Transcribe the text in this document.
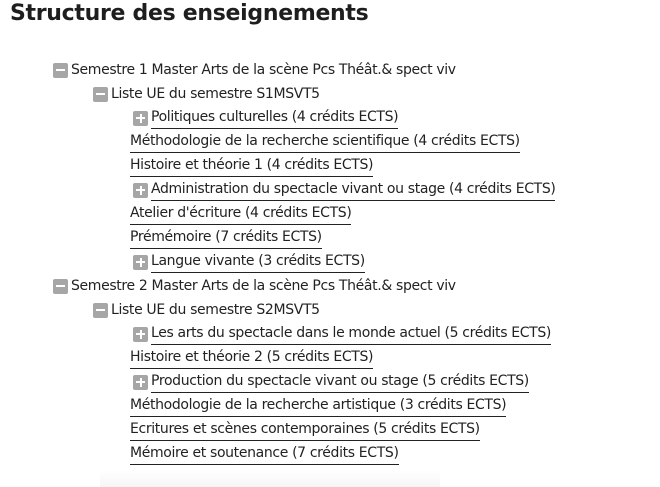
Structure des enseignements
Semestre 1 Master Arts de la scène Pcs Théât.& spect viv
Liste UE du semestre S1MSVT5
Politiques culturelles (4 crédits ECTS)
Méthodologie de la recherche scientifique (4 crédits ECTS)
Histoire et théorie 1 (4 crédits ECTS)
Administration du spectacle vivant ou stage (4 crédits ECTS)
Atelier d'écriture (4 crédits ECTS)
Prémémoire (7 crédits ECTS)
Langue vivante (3 crédits ECTS)
Semestre 2 Master Arts de la scène Pcs Théât.& spect viv
Liste UE du semestre S2MSVT5
Les arts du spectacle dans le monde actuel (5 crédits ECTS)
Histoire et théorie 2 (5 crédits ECTS)
Production du spectacle vivant ou stage (5 crédits ECTS)
Méthodologie de la recherche artistique (3 crédits ECTS)
Ecritures et scènes contemporaines (5 crédits ECTS)
Mémoire et soutenance (7 crédits ECTS)
